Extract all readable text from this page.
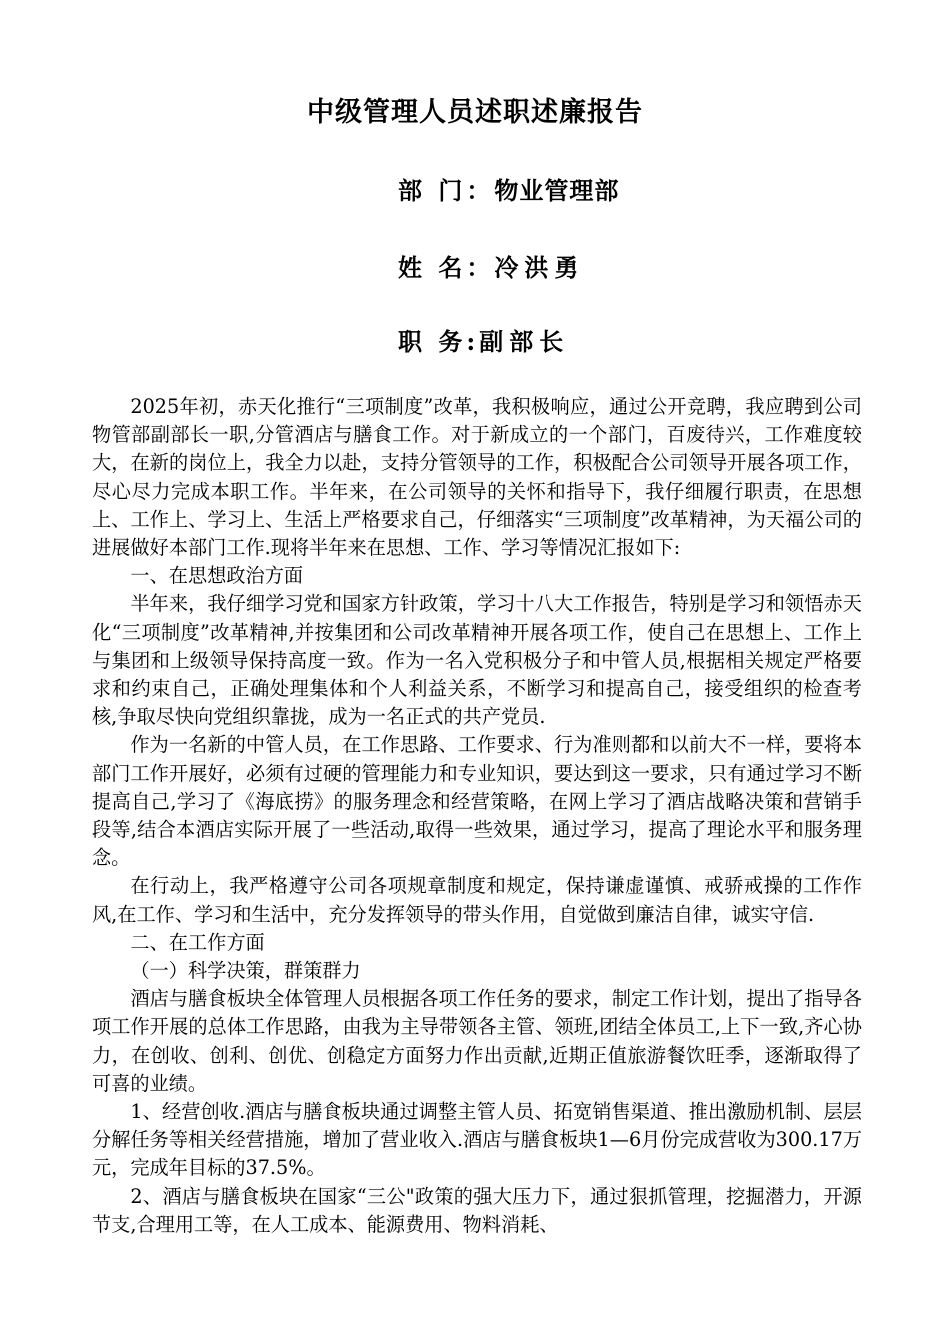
中级管理人员述职述廉报告
部 门：物业管理部
姓 名：冷洪勇
职 务:副部长

2025年初，赤天化推行“三项制度”改革，我积极响应，通过公开竞聘，我应聘到公司物管部副部长一职,分管酒店与膳食工作。对于新成立的一个部门，百废待兴，工作难度较大，在新的岗位上，我全力以赴，支持分管领导的工作，积极配合公司领导开展各项工作，尽心尽力完成本职工作。半年来，在公司领导的关怀和指导下，我仔细履行职责，在思想上、工作上、学习上、生活上严格要求自己，仔细落实“三项制度”改革精神，为天福公司的进展做好本部门工作.现将半年来在思想、工作、学习等情况汇报如下:

一、在思想政治方面

半年来，我仔细学习党和国家方针政策，学习十八大工作报告，特别是学习和领悟赤天化“三项制度”改革精神,并按集团和公司改革精神开展各项工作，使自己在思想上、工作上与集团和上级领导保持高度一致。作为一名入党积极分子和中管人员,根据相关规定严格要求和约束自己，正确处理集体和个人利益关系，不断学习和提高自己，接受组织的检查考核,争取尽快向党组织靠拢，成为一名正式的共产党员.

作为一名新的中管人员，在工作思路、工作要求、行为准则都和以前大不一样，要将本部门工作开展好，必须有过硬的管理能力和专业知识，要达到这一要求，只有通过学习不断提高自己,学习了《海底捞》的服务理念和经营策略，在网上学习了酒店战略决策和营销手段等,结合本酒店实际开展了一些活动,取得一些效果，通过学习，提高了理论水平和服务理念。

在行动上，我严格遵守公司各项规章制度和规定，保持谦虚谨慎、戒骄戒操的工作作风,在工作、学习和生活中，充分发挥领导的带头作用，自觉做到廉洁自律，诚实守信.

二、在工作方面

（一）科学决策，群策群力

酒店与膳食板块全体管理人员根据各项工作任务的要求，制定工作计划，提出了指导各项工作开展的总体工作思路，由我为主导带领各主管、领班,团结全体员工,上下一致,齐心协力，在创收、创利、创优、创稳定方面努力作出贡献,近期正值旅游餐饮旺季，逐渐取得了可喜的业绩。

1、经营创收.酒店与膳食板块通过调整主管人员、拓宽销售渠道、推出激励机制、层层分解任务等相关经营措施，增加了营业收入.酒店与膳食板块1—6月份完成营收为300.17万元，完成年目标的37.5%。

2、酒店与膳食板块在国家“三公"政策的强大压力下，通过狠抓管理，挖掘潜力，开源节支,合理用工等，在人工成本、能源费用、物料消耗、
